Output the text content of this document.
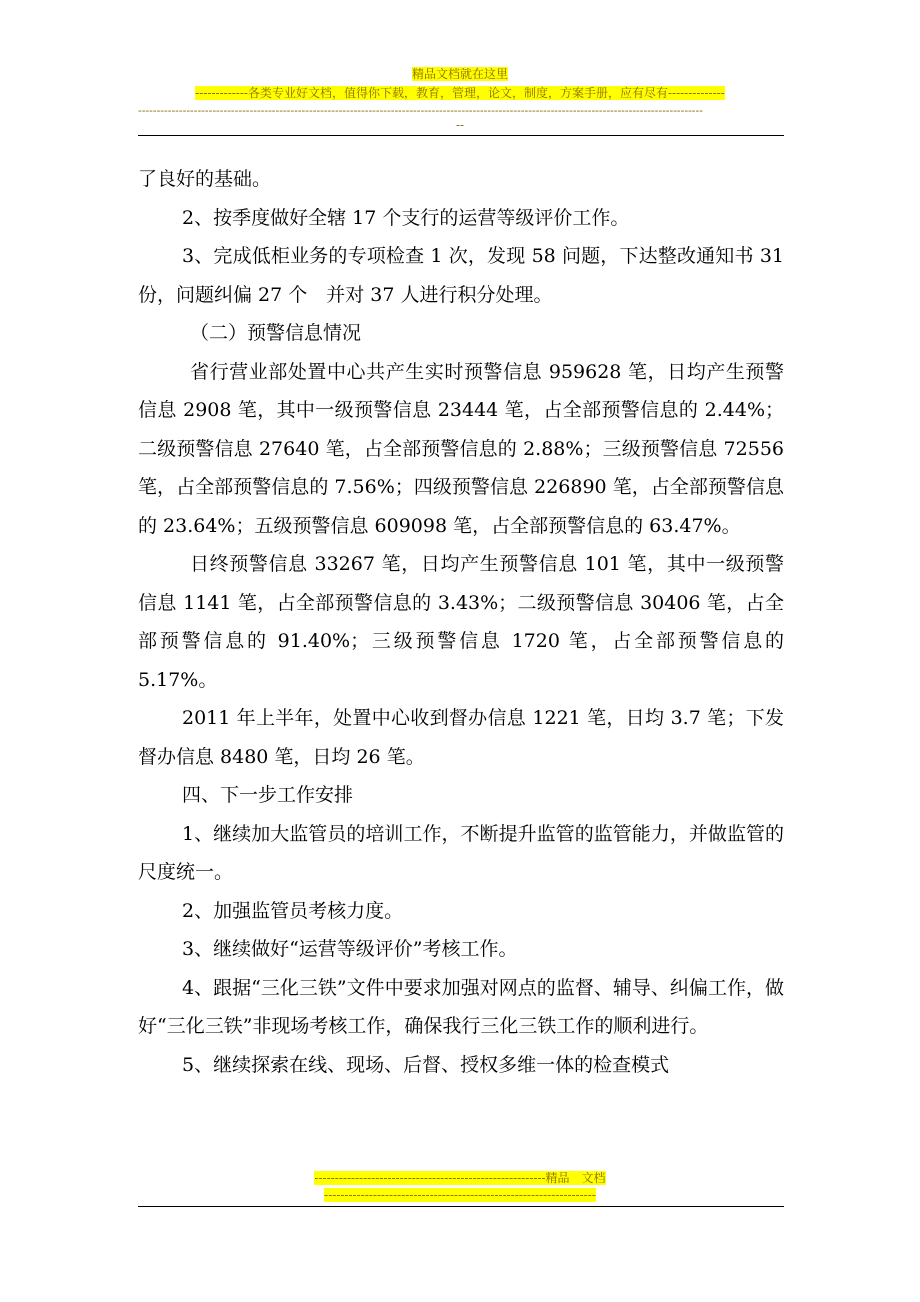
精品文档就在这里
-------------各类专业好文档，值得你下载，教育，管理，论文，制度，方案手册，应有尽有--------------
--------------------------------------------------------------------------------------------------------------------------------------------------------
--

了良好的基础。

2、按季度做好全辖 17 个支行的运营等级评价工作。

3、完成低柜业务的专项检查 1 次，发现 58 问题，下达整改通知书 31 份，问题纠偏 27 个　并对 37 人进行积分处理。

（二）预警信息情况

省行营业部处置中心共产生实时预警信息 959628 笔，日均产生预警信息 2908 笔，其中一级预警信息 23444 笔，占全部预警信息的 2.44%；二级预警信息 27640 笔，占全部预警信息的 2.88%；三级预警信息 72556 笔，占全部预警信息的 7.56%；四级预警信息 226890 笔，占全部预警信息的 23.64%；五级预警信息 609098 笔，占全部预警信息的 63.47%。

日终预警信息 33267 笔，日均产生预警信息 101 笔，其中一级预警信息 1141 笔，占全部预警信息的 3.43%；二级预警信息 30406 笔，占全部预警信息的 91.40%；三级预警信息 1720 笔，占全部预警信息的 5.17%。

2011 年上半年，处置中心收到督办信息 1221 笔，日均 3.7 笔；下发督办信息 8480 笔，日均 26 笔。

四、下一步工作安排

1、继续加大监管员的培训工作，不断提升监管的监管能力，并做监管的尺度统一。

2、加强监管员考核力度。

3、继续做好“运营等级评价”考核工作。

4、跟据“三化三铁”文件中要求加强对网点的监督、辅导、纠偏工作，做好“三化三铁”非现场考核工作，确保我行三化三铁工作的顺利进行。

5、继续探索在线、现场、后督、授权多维一体的检查模式

---------------------------------------------------------精品　文档
-------------------------------------------------------------------
